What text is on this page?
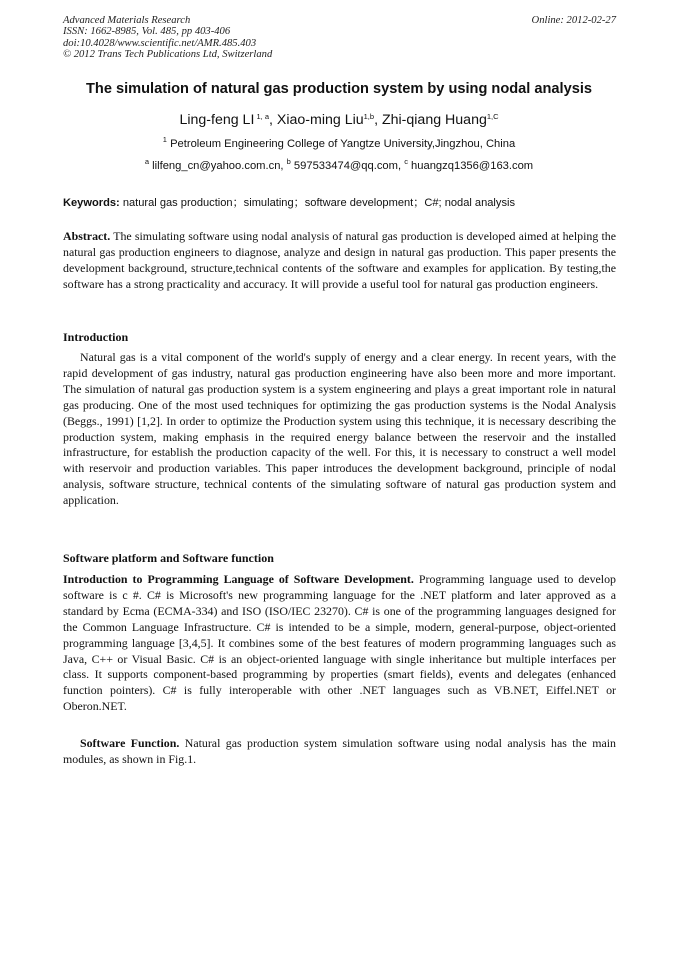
Advanced Materials Research
ISSN: 1662-8985, Vol. 485, pp 403-406
doi:10.4028/www.scientific.net/AMR.485.403
© 2012 Trans Tech Publications Ltd, Switzerland
Online: 2012-02-27
The simulation of natural gas production system by using nodal analysis
Ling-feng LI $^{1, a}$, Xiao-ming Liu$^{1,b}$, Zhi-qiang Huang$^{1,C}$
$^1$ Petroleum Engineering College of Yangtze University,Jingzhou, China
$^a$ lilfeng_cn@yahoo.com.cn, $^b$ 597533474@qq.com, $^c$ huangzq1356@163.com
Keywords: natural gas production；simulating；software development；C#; nodal analysis
Abstract. The simulating software using nodal analysis of natural gas production is developed aimed at helping the natural gas production engineers to diagnose, analyze and design in natural gas production. This paper presents the development background, structure,technical contents of the software and examples for application. By testing,the software has a strong practicality and accuracy. It will provide a useful tool for natural gas production engineers.
Introduction
Natural gas is a vital component of the world's supply of energy and a clear energy. In recent years, with the rapid development of gas industry, natural gas production engineering have also been more and more important. The simulation of natural gas production system is a system engineering and plays a great important role in natural gas producing. One of the most used techniques for optimizing the gas production systems is the Nodal Analysis (Beggs., 1991) [1,2]. In order to optimize the Production system using this technique, it is necessary describing the production system, making emphasis in the required energy balance between the reservoir and the installed infrastructure, for establish the production capacity of the well. For this, it is necessary to construct a well model with reservoir and production variables. This paper introduces the development background, principle of nodal analysis, software structure, technical contents of the simulating software of natural gas production system and application.
Software platform and Software function
Introduction to Programming Language of Software Development. Programming language used to develop software is c #. C# is Microsoft's new programming language for the .NET platform and later approved as a standard by Ecma (ECMA-334) and ISO (ISO/IEC 23270). C# is one of the programming languages designed for the Common Language Infrastructure. C# is intended to be a simple, modern, general-purpose, object-oriented programming language [3,4,5]. It combines some of the best features of modern programming languages such as Java, C++ or Visual Basic. C# is an object-oriented language with single inheritance but multiple interfaces per class. It supports component-based programming by properties (smart fields), events and delegates (enhanced function pointers). C# is fully interoperable with other .NET languages such as VB.NET, Eiffel.NET or Oberon.NET.
Software Function. Natural gas production system simulation software using nodal analysis has the main modules, as shown in Fig.1.
